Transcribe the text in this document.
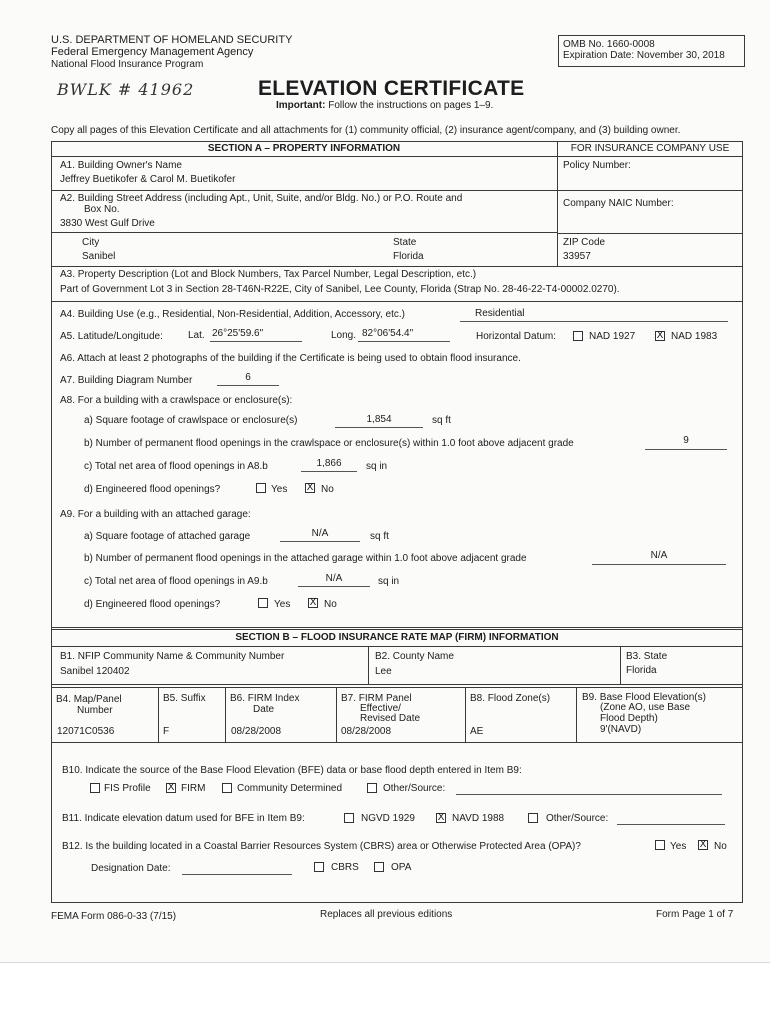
U.S. DEPARTMENT OF HOMELAND SECURITY
Federal Emergency Management Agency
National Flood Insurance Program
OMB No. 1660-0008
Expiration Date: November 30, 2018
BWLK # 41962	ELEVATION CERTIFICATE
Important: Follow the instructions on pages 1–9.
Copy all pages of this Elevation Certificate and all attachments for (1) community official, (2) insurance agent/company, and (3) building owner.
SECTION A – PROPERTY INFORMATION	FOR INSURANCE COMPANY USE
A1. Building Owner's Name
Jeffrey Buetikofer & Carol M. Buetikofer
Policy Number:
A2. Building Street Address (including Apt., Unit, Suite, and/or Bldg. No.) or P.O. Route and
Box No.
3830 West Gulf Drive
Company NAIC Number:
City
Sanibel
State
Florida
ZIP Code
33957
A3. Property Description (Lot and Block Numbers, Tax Parcel Number, Legal Description, etc.)
Part of Government Lot 3 in Section 28-T46N-R22E, City of Sanibel, Lee County, Florida (Strap No. 28-46-22-T4-00002.0270).
A4. Building Use (e.g., Residential, Non-Residential, Addition, Accessory, etc.)	Residential
A5. Latitude/Longitude:	Lat. 26°25'59.6"	Long. 82°06'54.4"	Horizontal Datum:	NAD 1927 X NAD 1983
A6. Attach at least 2 photographs of the building if the Certificate is being used to obtain flood insurance.
A7. Building Diagram Number	6
A8. For a building with a crawlspace or enclosure(s):
a) Square footage of crawlspace or enclosure(s)	1,854	sq ft
b) Number of permanent flood openings in the crawlspace or enclosure(s) within 1.0 foot above adjacent grade	9
c) Total net area of flood openings in A8.b	1,866	sq in
d) Engineered flood openings?	Yes X No
A9. For a building with an attached garage:
a) Square footage of attached garage	N/A	sq ft
b) Number of permanent flood openings in the attached garage within 1.0 foot above adjacent grade	N/A
c) Total net area of flood openings in A9.b	N/A	sq in
d) Engineered flood openings?	Yes X No
SECTION B – FLOOD INSURANCE RATE MAP (FIRM) INFORMATION
B1. NFIP Community Name & Community Number
Sanibel 120402
B2. County Name
Lee
B3. State
Florida
B4. Map/Panel
Number
12071C0536
B5. Suffix
F
B6. FIRM Index
Date
08/28/2008
B7. FIRM Panel
Effective/
Revised Date
08/28/2008
B8. Flood Zone(s)
AE
B9. Base Flood Elevation(s)
(Zone AO, use Base
Flood Depth)
9'(NAVD)
B10. Indicate the source of the Base Flood Elevation (BFE) data or base flood depth entered in Item B9:
FIS Profile X FIRM	Community Determined	Other/Source:
B11. Indicate elevation datum used for BFE in Item B9:	NGVD 1929 X NAVD 1988	Other/Source:
B12. Is the building located in a Coastal Barrier Resources System (CBRS) area or Otherwise Protected Area (OPA)?	Yes X No
Designation Date:	CBRS	OPA
FEMA Form 086-0-33 (7/15)	Replaces all previous editions	Form Page 1 of 7
